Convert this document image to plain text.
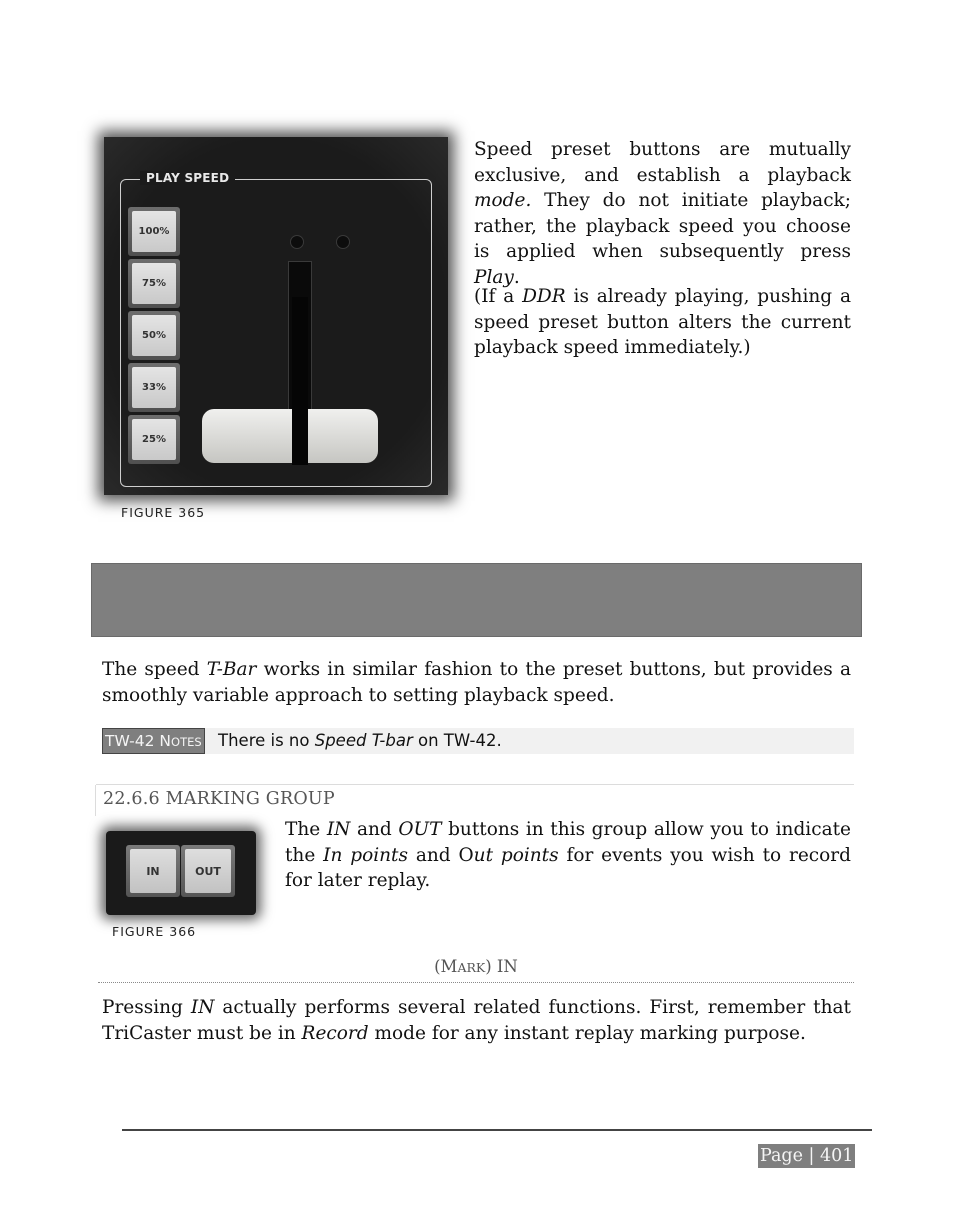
PLAY SPEED
100%
75%
50%
33%
25%
FIGURE 365

Speed preset buttons are mutually exclusive, and establish a playback mode. They do not initiate playback; rather, the playback speed you choose is applied when subsequently press Play.

(If a DDR is already playing, pushing a speed preset button alters the current playback speed immediately.)

The speed T-Bar works in similar fashion to the preset buttons, but provides a smoothly variable approach to setting playback speed.

TW-42 NOTES There is no Speed T-bar on TW-42.
22.6.6 MARKING GROUP
IN	OUT
FIGURE 366

The IN and OUT buttons in this group allow you to indicate the In points and Out points for events you wish to record for later replay.

(MARK) IN

Pressing IN actually performs several related functions. First, remember that TriCaster must be in Record mode for any instant replay marking purpose.

Page | 401
